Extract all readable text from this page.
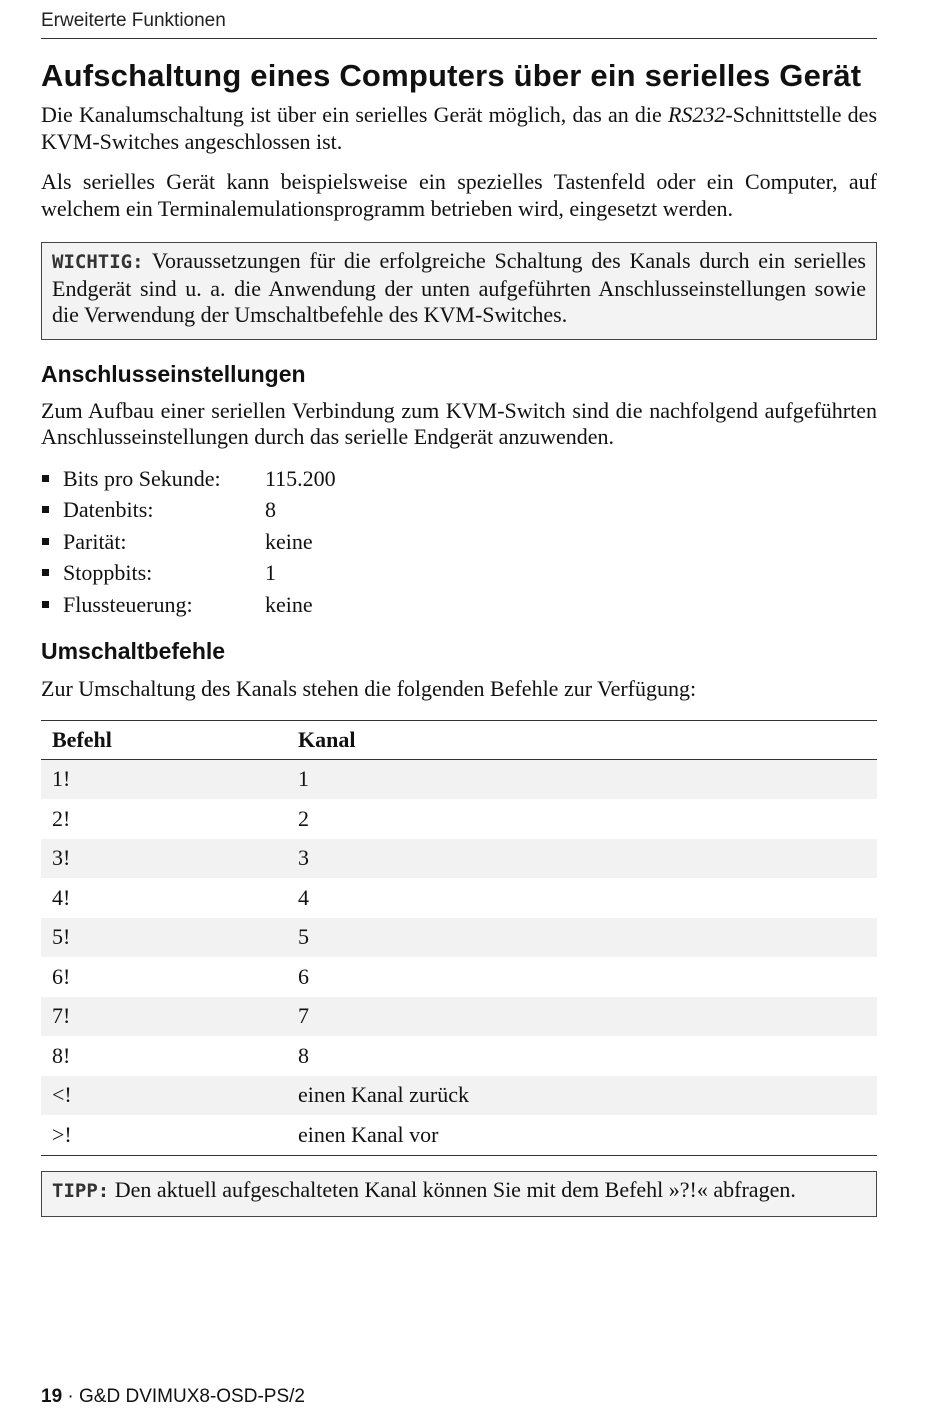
Erweiterte Funktionen
Aufschaltung eines Computers über ein serielles Gerät

Die Kanalumschaltung ist über ein serielles Gerät möglich, das an die RS232-Schnittstelle des KVM-Switches angeschlossen ist.

Als serielles Gerät kann beispielsweise ein spezielles Tastenfeld oder ein Computer, auf welchem ein Terminalemulationsprogramm betrieben wird, eingesetzt werden.

WICHTIG: Voraussetzungen für die erfolgreiche Schaltung des Kanals durch ein serielles Endgerät sind u. a. die Anwendung der unten aufgeführten Anschlusseinstellungen sowie die Verwendung der Umschaltbefehle des KVM-Switches.
Anschlusseinstellungen

Zum Aufbau einer seriellen Verbindung zum KVM-Switch sind die nachfolgend aufgeführten Anschlusseinstellungen durch das serielle Endgerät anzuwenden.

Bits pro Sekunde: 115.200
Datenbits:	8
Parität:	keine
Stoppbits:	1
Flussteuerung:	keine
Umschaltbefehle

Zur Umschaltung des Kanals stehen die folgenden Befehle zur Verfügung:

Befehl	Kanal
1!	1
2!	2
3!	3
4!	4
5!	5
6!	6
7!	7
8!	8
<!	einen Kanal zurück
>!	einen Kanal vor
TIPP: Den aktuell aufgeschalteten Kanal können Sie mit dem Befehl »?!« abfragen.
19 · G&D DVIMUX8-OSD-PS/2
